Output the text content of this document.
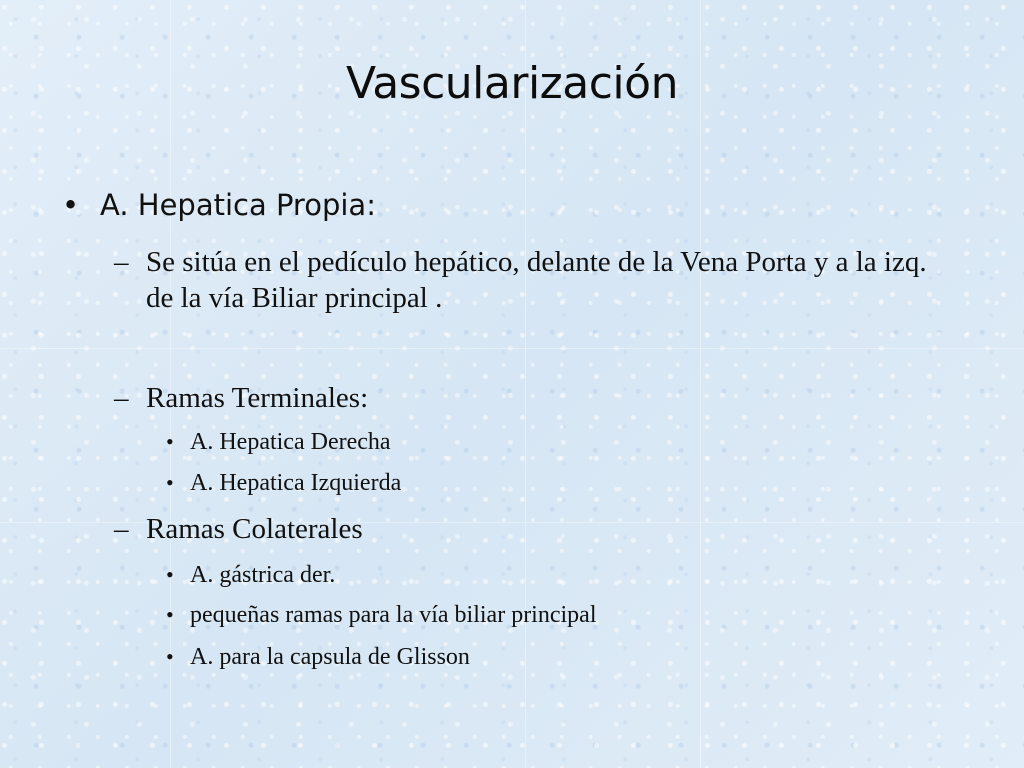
Vascularización
• A. Hepatica Propia:
– Se sitúa en el pedículo hepático, delante de la Vena Porta y a la izq. de la vía Biliar principal .
– Ramas Terminales:
• A. Hepatica Derecha
• A. Hepatica Izquierda
– Ramas Colaterales
• A. gástrica der.
• pequeñas ramas para la vía biliar principal
• A. para la capsula de Glisson
